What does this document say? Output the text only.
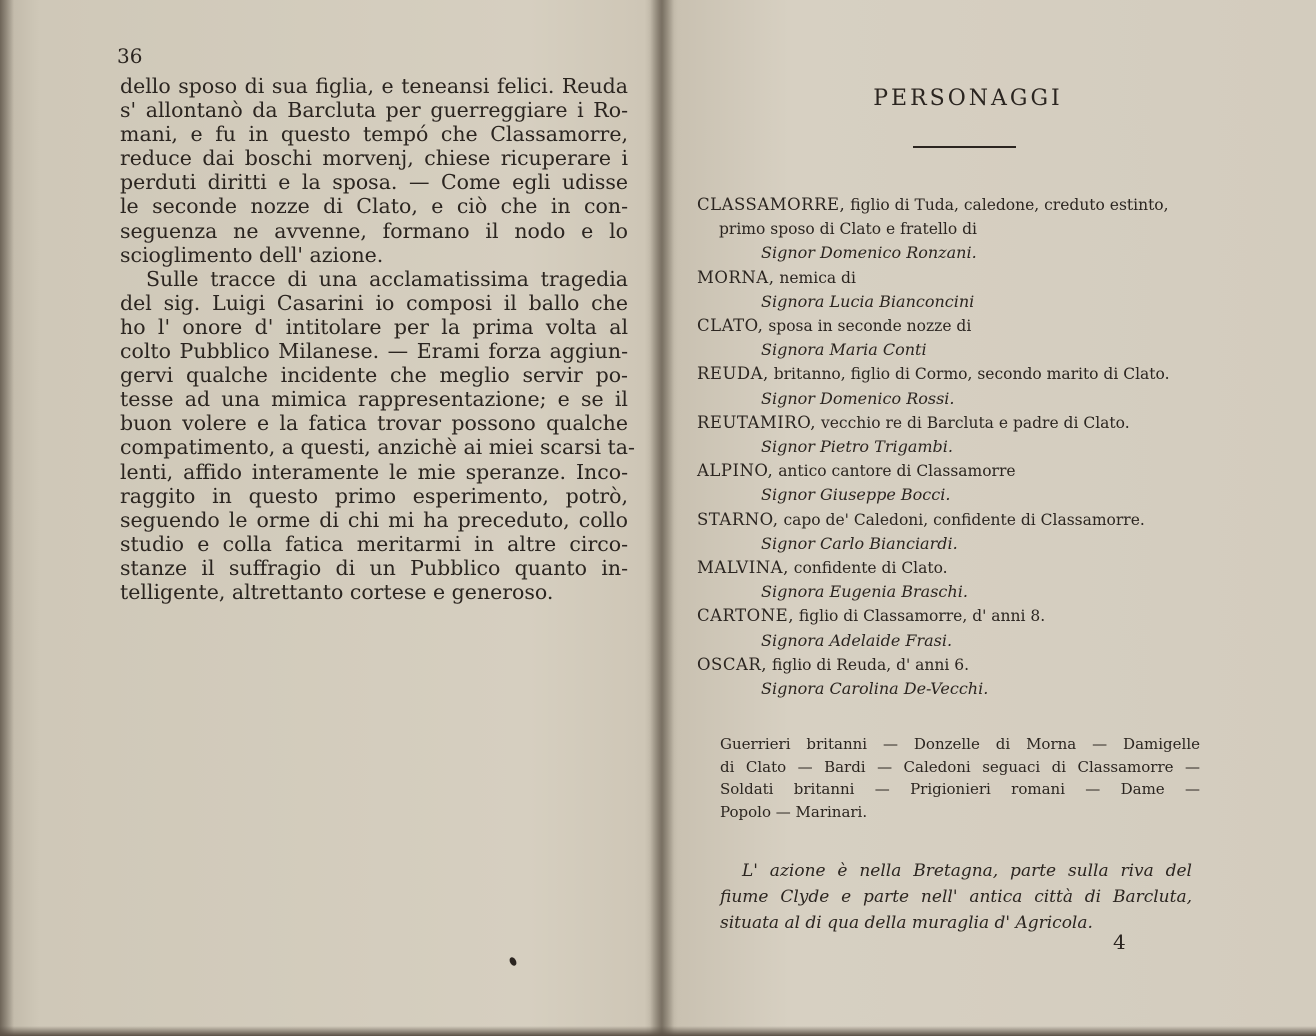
36
dello sposo di sua figlia, e teneansi felici. Reuda
s' allontanò da Barcluta per guerreggiare i Ro-
mani, e fu in questo tempó che Classamorre,
reduce dai boschi morvenj, chiese ricuperare i
perduti diritti e la sposa. — Come egli udisse
le seconde nozze di Clato, e ciò che in con-
seguenza ne avvenne, formano il nodo e lo
scioglimento dell' azione.
Sulle tracce di una acclamatissima tragedia
del sig. Luigi Casarini io composi il ballo che
ho l' onore d' intitolare per la prima volta al
colto Pubblico Milanese. — Erami forza aggiun-
gervi qualche incidente che meglio servir po-
tesse ad una mimica rappresentazione; e se il
buon volere e la fatica trovar possono qualche
compatimento, a questi, anzichè ai miei scarsi ta-
lenti, affido interamente le mie speranze. Inco-
raggito in questo primo esperimento, potrò,
seguendo le orme di chi mi ha preceduto, collo
studio e colla fatica meritarmi in altre circo-
stanze il suffragio di un Pubblico quanto in-
telligente, altrettanto cortese e generoso.
PERSONAGGI
CLASSAMORRE, figlio di Tuda, caledone, creduto estinto,
primo sposo di Clato e fratello di
Signor Domenico Ronzani.
MORNA, nemica di
Signora Lucia Bianconcini
CLATO, sposa in seconde nozze di
Signora Maria Conti
REUDA, britanno, figlio di Cormo, secondo marito di Clato.
Signor Domenico Rossi.
REUTAMIRO, vecchio re di Barcluta e padre di Clato.
Signor Pietro Trigambi.
ALPINO, antico cantore di Classamorre
Signor Giuseppe Bocci.
STARNO, capo de' Caledoni, confidente di Classamorre.
Signor Carlo Bianciardi.
MALVINA, confidente di Clato.
Signora Eugenia Braschi.
CARTONE, figlio di Classamorre, d' anni 8.
Signora Adelaide Frasi.
OSCAR, figlio di Reuda, d' anni 6.
Signora Carolina De-Vecchi.
Guerrieri britanni — Donzelle di Morna — Damigelle
di Clato — Bardi — Caledoni seguaci di Classamorre —
Soldati britanni — Prigionieri romani — Dame —
Popolo — Marinari.
L' azione è nella Bretagna, parte sulla riva del
fiume Clyde e parte nell' antica città di Barcluta,
situata al di qua della muraglia d' Agricola.
4
